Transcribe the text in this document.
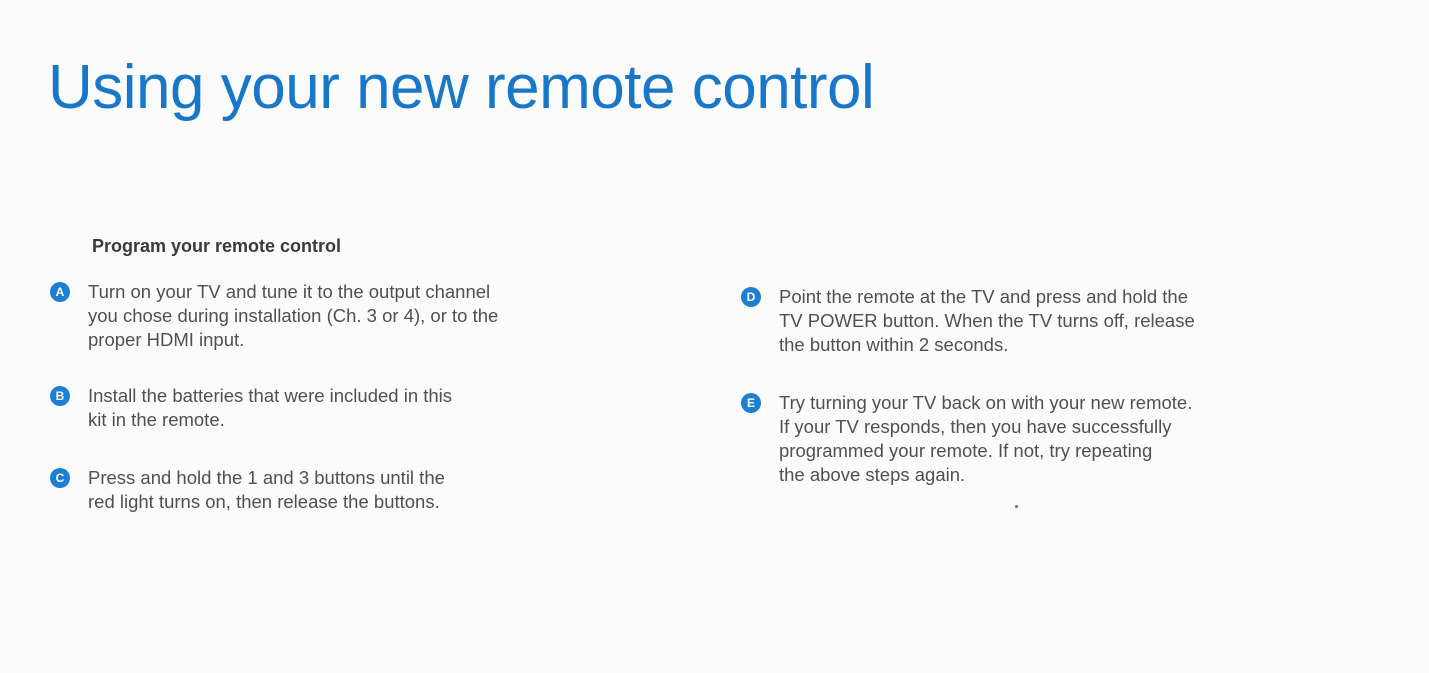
Using your new remote control
Program your remote control
A	Turn on your TV and tune it to the output channel
you chose during installation (Ch. 3 or 4), or to the
proper HDMI input.
B	Install the batteries that were included in this
kit in the remote.
C	Press and hold the 1 and 3 buttons until the
red light turns on, then release the buttons.
D	Point the remote at the TV and press and hold the
TV POWER button. When the TV turns off, release
the button within 2 seconds.
E	Try turning your TV back on with your new remote.
If your TV responds, then you have successfully
programmed your remote. If not, try repeating
the above steps again.
